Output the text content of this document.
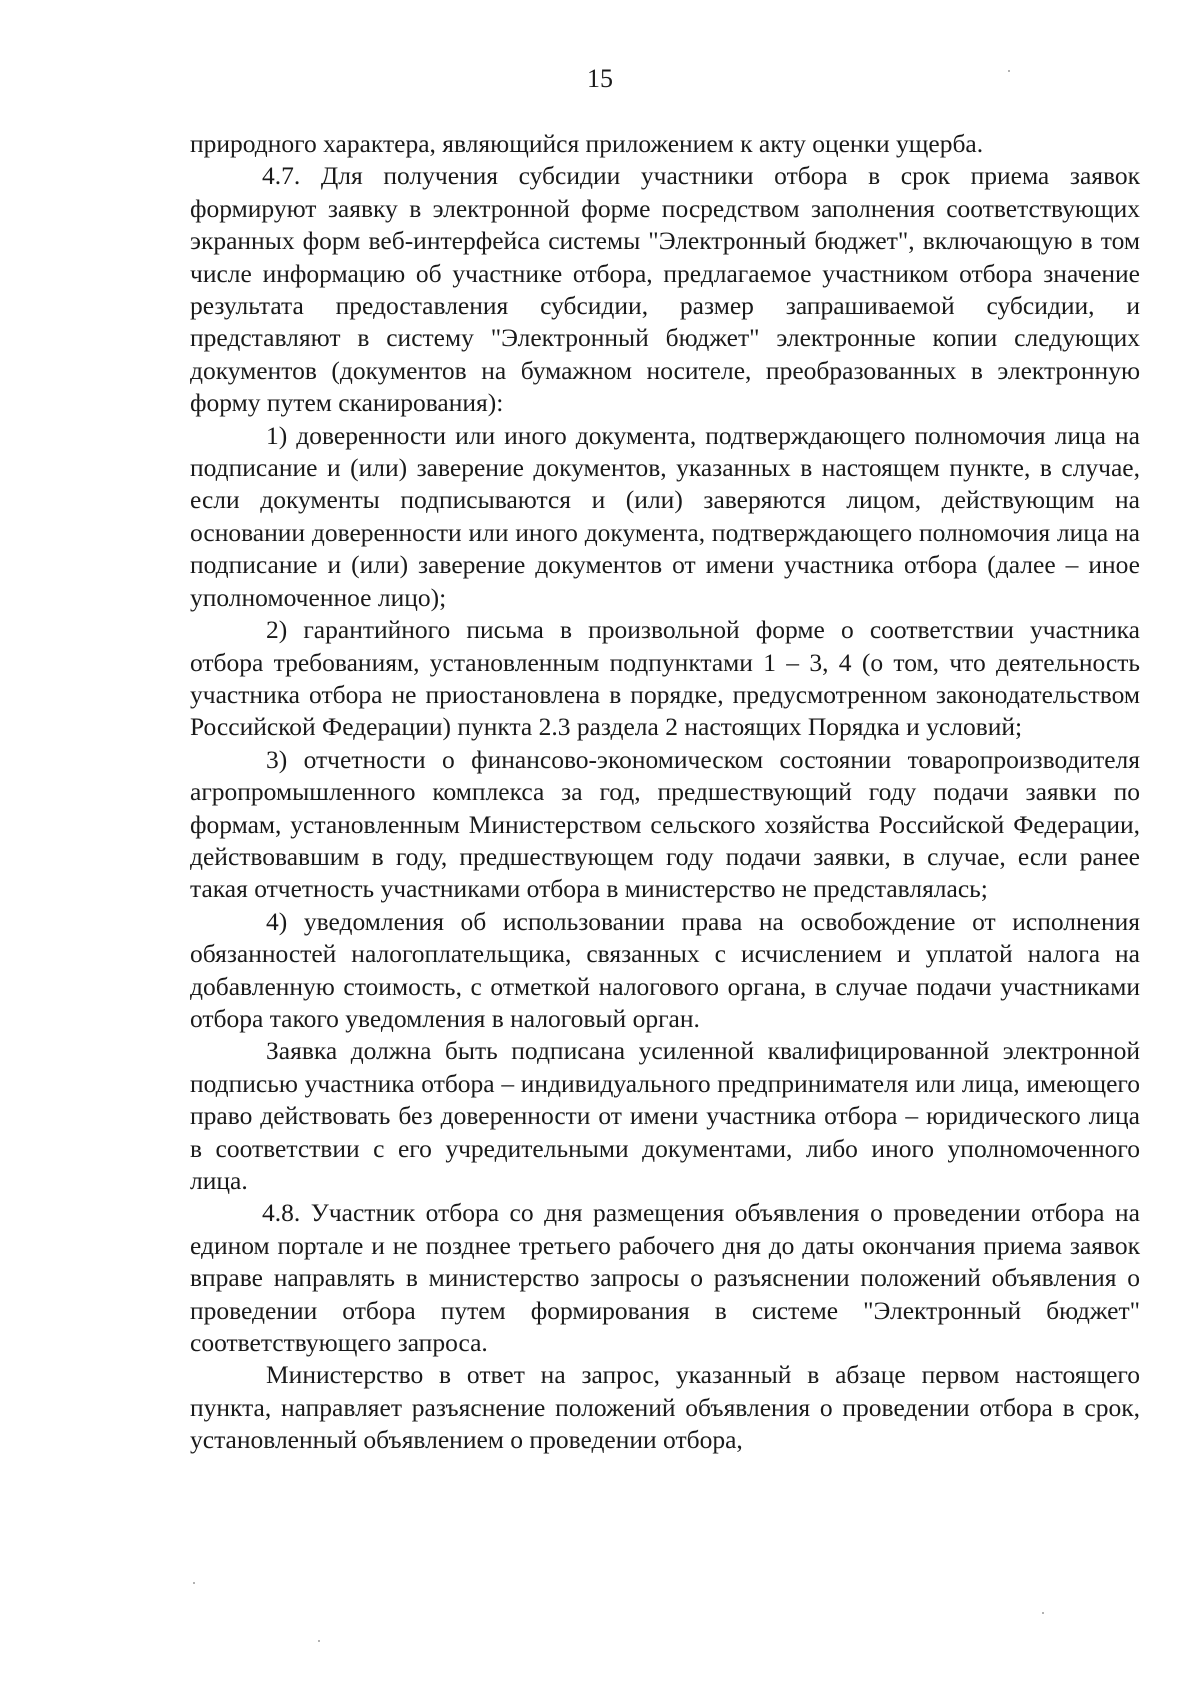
15

природного характера, являющийся приложением к акту оценки ущерба.

4.7. Для получения субсидии участники отбора в срок приема заявок формируют заявку в электронной форме посредством заполнения соответствующих экранных форм веб-интерфейса системы "Электронный бюджет", включающую в том числе информацию об участнике отбора, предлагаемое участником отбора значение результата предоставления субсидии, размер запрашиваемой субсидии, и представляют в систему "Электронный бюджет" электронные копии следующих документов (документов на бумажном носителе, преобразованных в электронную форму путем сканирования):

1) доверенности или иного документа, подтверждающего полномочия лица на подписание и (или) заверение документов, указанных в настоящем пункте, в случае, если документы подписываются и (или) заверяются лицом, действующим на основании доверенности или иного документа, подтверждающего полномочия лица на подписание и (или) заверение документов от имени участника отбора (далее – иное уполномоченное лицо);

2) гарантийного письма в произвольной форме о соответствии участника отбора требованиям, установленным подпунктами 1 – 3, 4 (о том, что деятельность участника отбора не приостановлена в порядке, предусмотренном законодательством Российской Федерации) пункта 2.3 раздела 2 настоящих Порядка и условий;

3) отчетности о финансово-экономическом состоянии товаропроизводителя агропромышленного комплекса за год, предшествующий году подачи заявки по формам, установленным Министерством сельского хозяйства Российской Федерации, действовавшим в году, предшествующем году подачи заявки, в случае, если ранее такая отчетность участниками отбора в министерство не представлялась;

4) уведомления об использовании права на освобождение от исполнения обязанностей налогоплательщика, связанных с исчислением и уплатой налога на добавленную стоимость, с отметкой налогового органа, в случае подачи участниками отбора такого уведомления в налоговый орган.

Заявка должна быть подписана усиленной квалифицированной электронной подписью участника отбора – индивидуального предпринимателя или лица, имеющего право действовать без доверенности от имени участника отбора – юридического лица в соответствии с его учредительными документами, либо иного уполномоченного лица.

4.8. Участник отбора со дня размещения объявления о проведении отбора на едином портале и не позднее третьего рабочего дня до даты окончания приема заявок вправе направлять в министерство запросы о разъяснении положений объявления о проведении отбора путем формирования в системе "Электронный бюджет" соответствующего запроса.

Министерство в ответ на запрос, указанный в абзаце первом настоящего пункта, направляет разъяснение положений объявления о проведении отбора в срок, установленный объявлением о проведении отбора,
